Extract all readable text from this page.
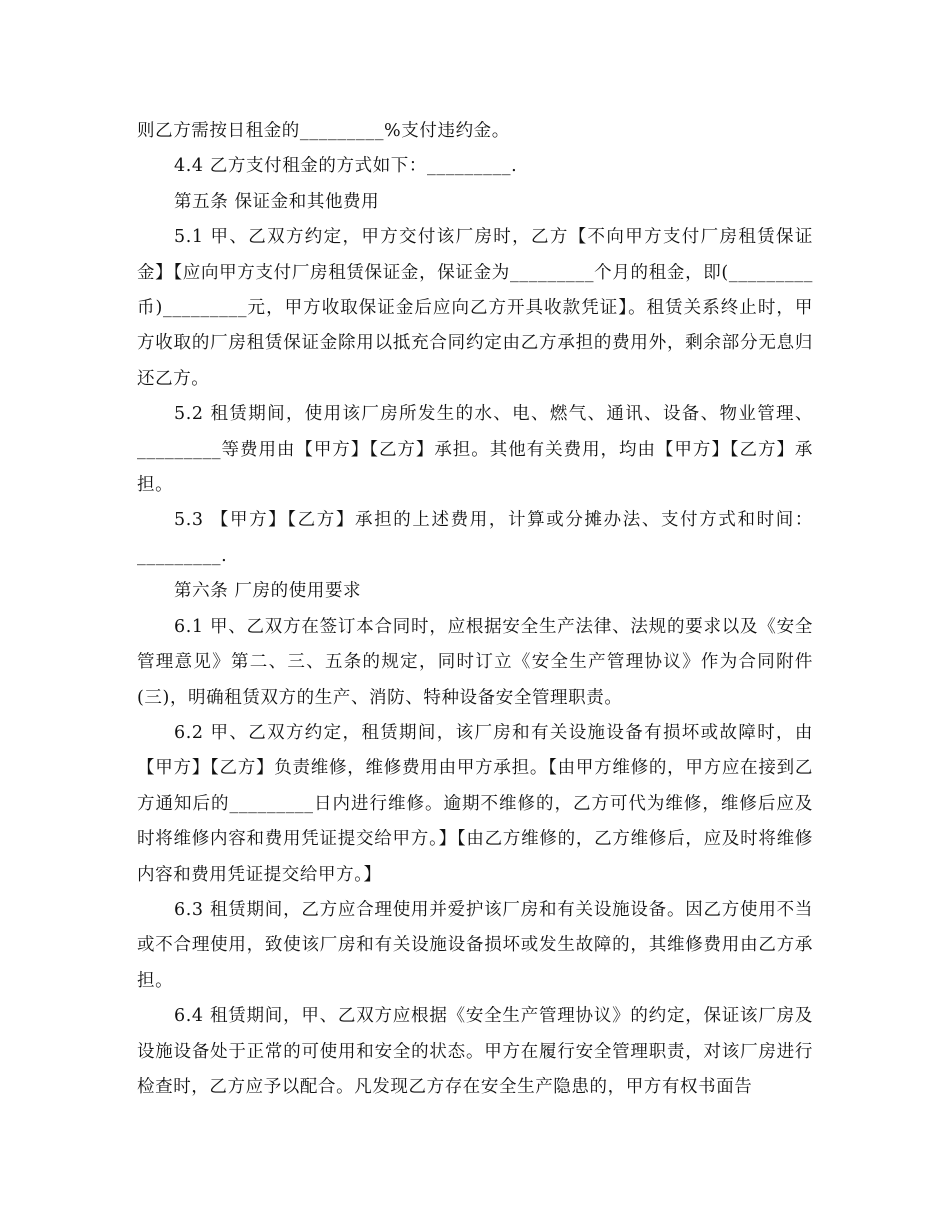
则乙方需按日租金的_________%支付违约金。

4.4 乙方支付租金的方式如下：_________.

第五条 保证金和其他费用

5.1 甲、乙双方约定，甲方交付该厂房时，乙方【不向甲方支付厂房租赁保证金】【应向甲方支付厂房租赁保证金，保证金为_________个月的租金，即(_________币)_________元，甲方收取保证金后应向乙方开具收款凭证】。租赁关系终止时，甲方收取的厂房租赁保证金除用以抵充合同约定由乙方承担的费用外，剩余部分无息归还乙方。

5.2 租赁期间，使用该厂房所发生的水、电、燃气、通讯、设备、物业管理、_________等费用由【甲方】【乙方】承担。其他有关费用，均由【甲方】【乙方】承担。

5.3 【甲方】【乙方】承担的上述费用，计算或分摊办法、支付方式和时间：_________.

第六条 厂房的使用要求

6.1 甲、乙双方在签订本合同时，应根据安全生产法律、法规的要求以及《安全管理意见》第二、三、五条的规定，同时订立《安全生产管理协议》作为合同附件(三)，明确租赁双方的生产、消防、特种设备安全管理职责。

6.2 甲、乙双方约定，租赁期间，该厂房和有关设施设备有损坏或故障时，由【甲方】【乙方】负责维修，维修费用由甲方承担。【由甲方维修的，甲方应在接到乙方通知后的_________日内进行维修。逾期不维修的，乙方可代为维修，维修后应及时将维修内容和费用凭证提交给甲方。】【由乙方维修的，乙方维修后，应及时将维修内容和费用凭证提交给甲方。】

6.3 租赁期间，乙方应合理使用并爱护该厂房和有关设施设备。因乙方使用不当或不合理使用，致使该厂房和有关设施设备损坏或发生故障的，其维修费用由乙方承担。

6.4 租赁期间，甲、乙双方应根据《安全生产管理协议》的约定，保证该厂房及设施设备处于正常的可使用和安全的状态。甲方在履行安全管理职责，对该厂房进行检查时，乙方应予以配合。凡发现乙方存在安全生产隐患的，甲方有权书面告
